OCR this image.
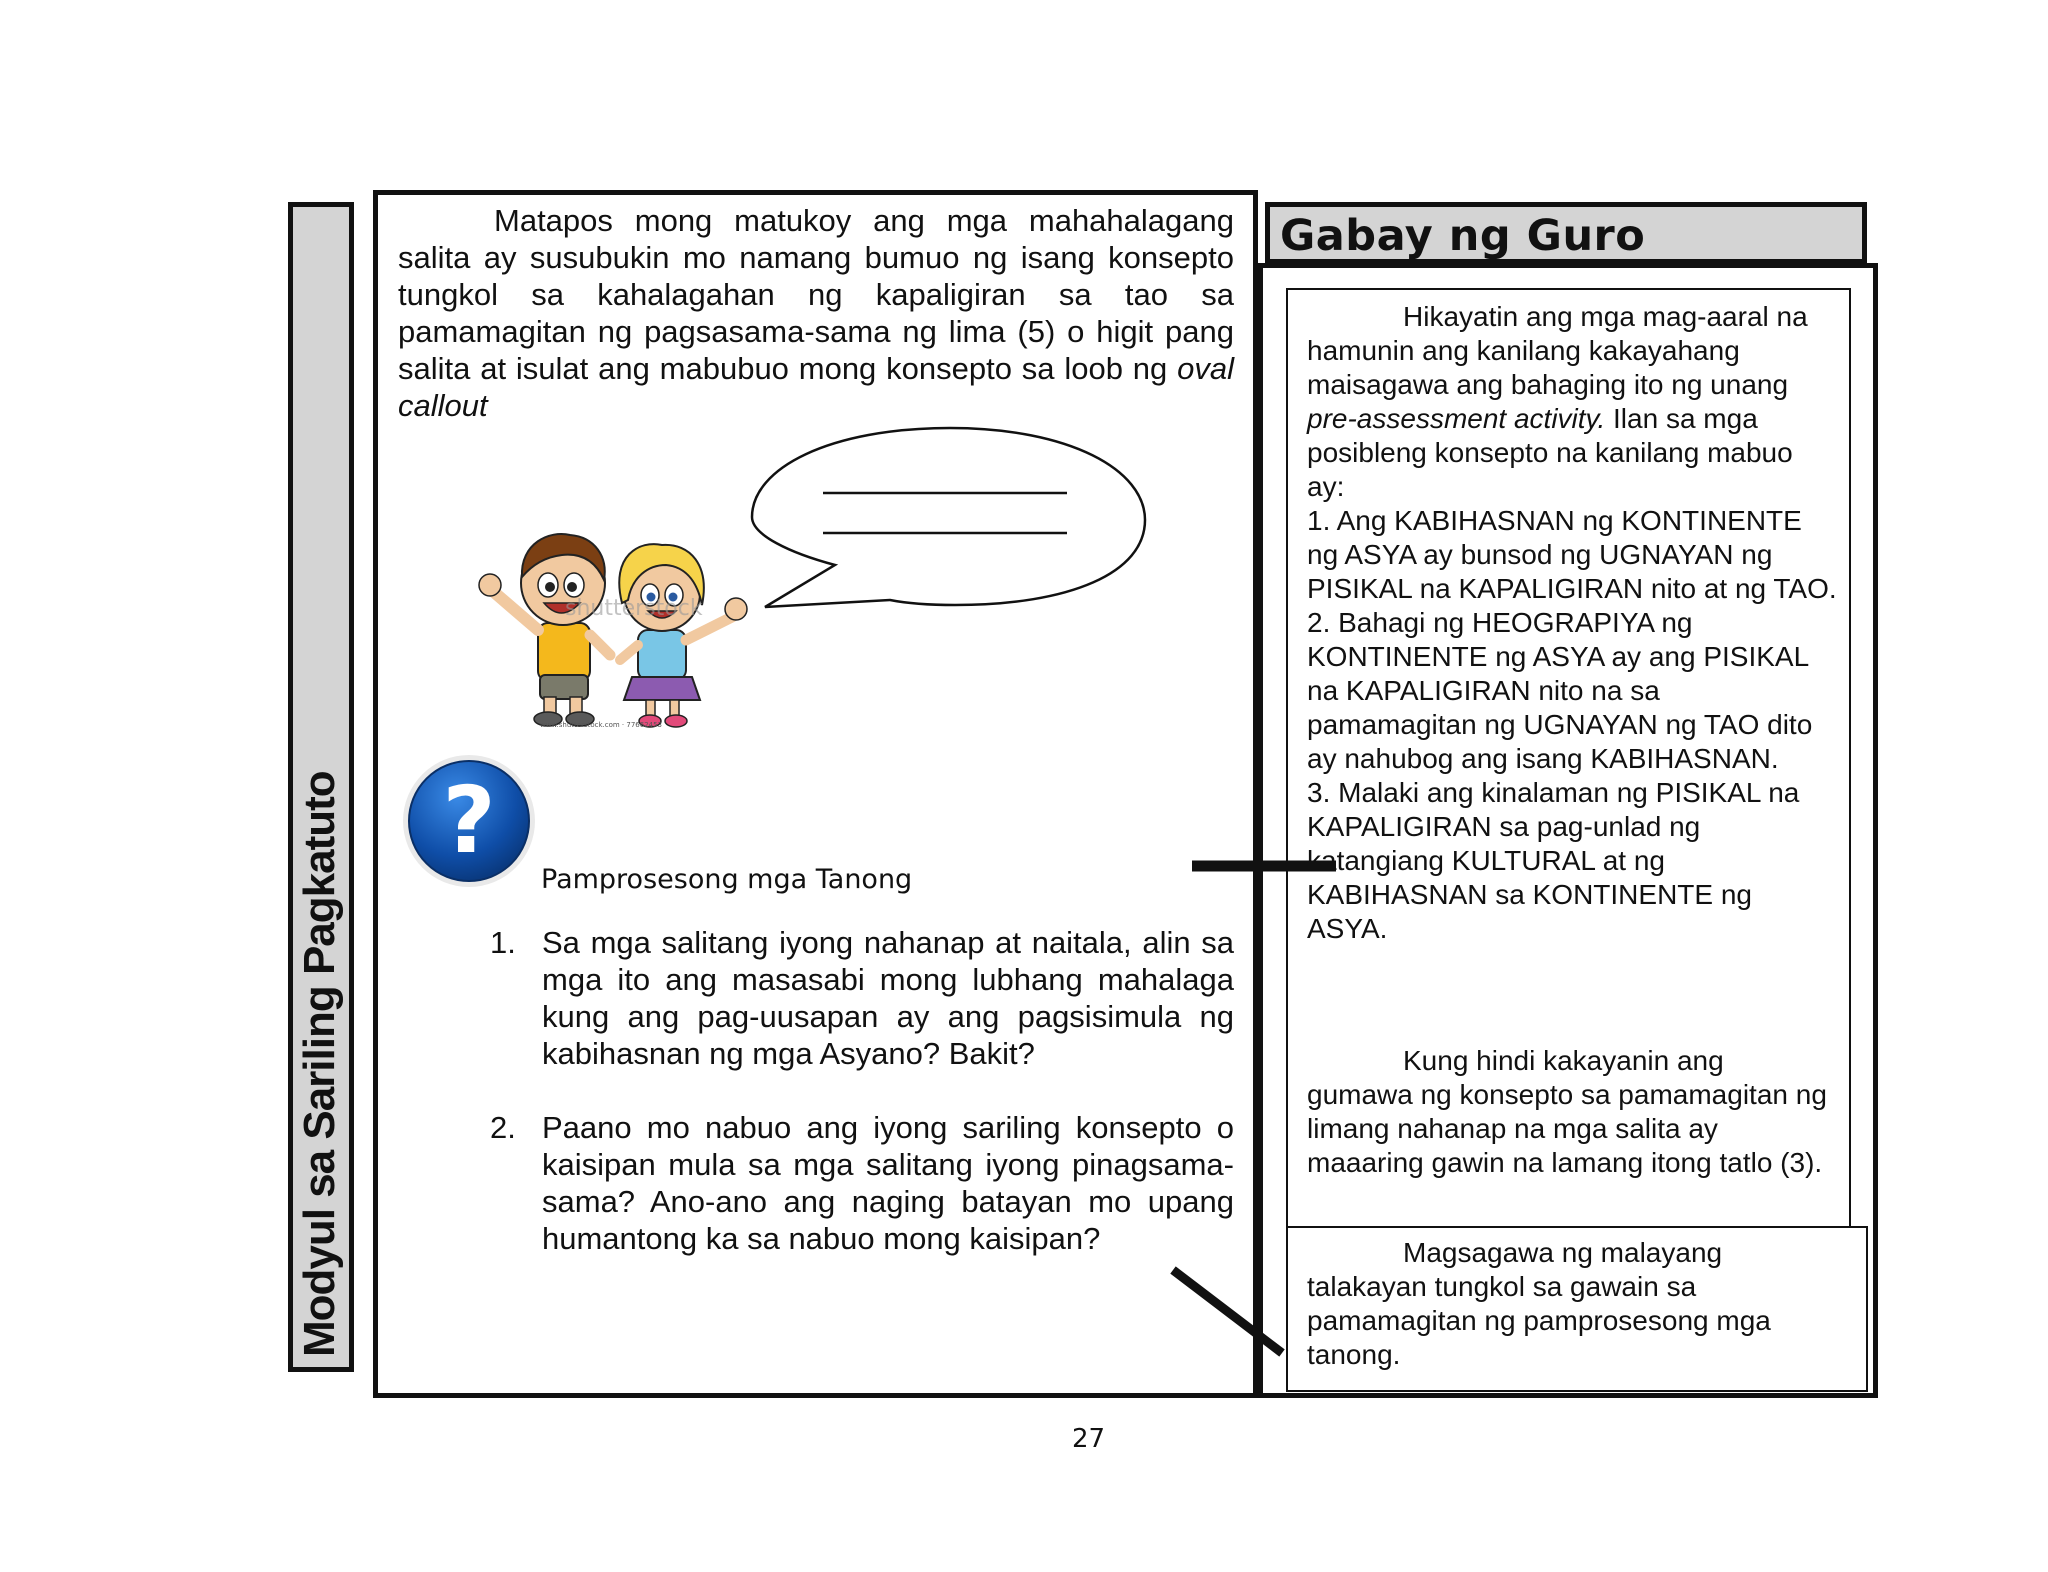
Modyul sa Sariling Pagkatuto
Matapos mong matukoy ang mga mahahalagang salita ay susubukin mo namang bumuo ng isang konsepto tungkol sa kahalagahan ng kapaligiran sa tao sa pamamagitan ng pagsasama-sama ng lima (5) o higit pang salita at isulat ang mabubuo mong konsepto sa loob ng oval callout
shutterstock
www.shutterstock.com · 77662453
?
Pamprosesong mga Tanong
1. Sa mga salitang iyong nahanap at naitala, alin sa mga ito ang masasabi mong lubhang mahalaga kung ang pag-uusapan ay ang pagsisimula ng kabihasnan ng mga Asyano? Bakit?
2. Paano mo nabuo ang iyong sariling konsepto o kaisipan mula sa mga salitang iyong pinagsama-sama? Ano-ano ang naging batayan mo upang humantong ka sa nabuo mong kaisipan?
Gabay ng Guro
Hikayatin ang mga mag-aaral na hamunin ang kanilang kakayahang maisagawa ang bahaging ito ng unang pre-assessment activity. Ilan sa mga posibleng konsepto na kanilang mabuo ay:
1. Ang KABIHASNAN ng KONTINENTE ng ASYA ay bunsod ng UGNAYAN ng PISIKAL na KAPALIGIRAN nito at ng TAO.
2. Bahagi ng HEOGRAPIYA ng KONTINENTE ng ASYA ay ang PISIKAL na KAPALIGIRAN nito na sa pamamagitan ng UGNAYAN ng TAO dito ay nahubog ang isang KABIHASNAN.
3. Malaki ang kinalaman ng PISIKAL na KAPALIGIRAN sa pag-unlad ng katangiang KULTURAL at ng KABIHASNAN sa KONTINENTE ng ASYA.
Kung hindi kakayanin ang gumawa ng konsepto sa pamamagitan ng limang nahanap na mga salita ay maaaring gawin na lamang itong tatlo (3).
Magsagawa ng malayang talakayan tungkol sa gawain sa pamamagitan ng pamprosesong mga tanong.
27
